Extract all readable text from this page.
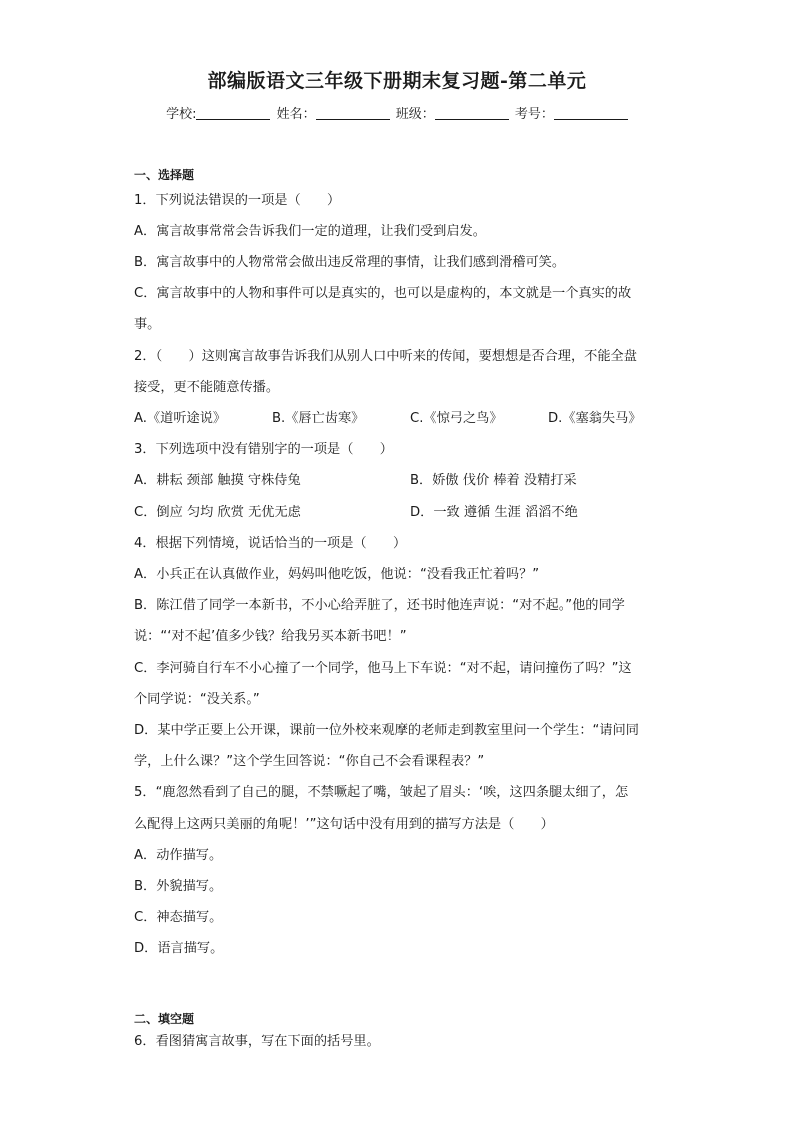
部编版语文三年级下册期末复习题-第二单元
学校:	姓名：	班级：	考号：
一、选择题
1．下列说法错误的一项是（　　）
A．寓言故事常常会告诉我们一定的道理，让我们受到启发。
B．寓言故事中的人物常常会做出违反常理的事情，让我们感到滑稽可笑。
C．寓言故事中的人物和事件可以是真实的，也可以是虚构的，本文就是一个真实的故
事。
2．（　　）这则寓言故事告诉我们从别人口中听来的传闻，要想想是否合理，不能全盘
接受，更不能随意传播。
A.《道听途说》	B.《唇亡齿寒》	C.《惊弓之鸟》	D.《塞翁失马》
3．下列选项中没有错别字的一项是（　　）
A．耕耘 颈部 触摸 守株侍兔	B．娇傲 伐价 棒着 没精打采
C．倒应 匀均 欣赏 无优无虑	D．一致 遵循 生涯 滔滔不绝
4．根据下列情境，说话恰当的一项是（　　）
A．小兵正在认真做作业，妈妈叫他吃饭，他说：“没看我正忙着吗？”
B．陈江借了同学一本新书，不小心给弄脏了，还书时他连声说：“对不起。”他的同学
说：“‘对不起’值多少钱？给我另买本新书吧！”
C．李河骑自行车不小心撞了一个同学，他马上下车说：“对不起，请问撞伤了吗？”这
个同学说：“没关系。”
D．某中学正要上公开课，课前一位外校来观摩的老师走到教室里问一个学生：“请问同
学，上什么课？”这个学生回答说：“你自己不会看课程表？”
5．“鹿忽然看到了自己的腿，不禁噘起了嘴，皱起了眉头：‘唉，这四条腿太细了，怎
么配得上这两只美丽的角呢！’”这句话中没有用到的描写方法是（　　）
A．动作描写。
B．外貌描写。
C．神态描写。
D．语言描写。
二、填空题
6．看图猜寓言故事，写在下面的括号里。
